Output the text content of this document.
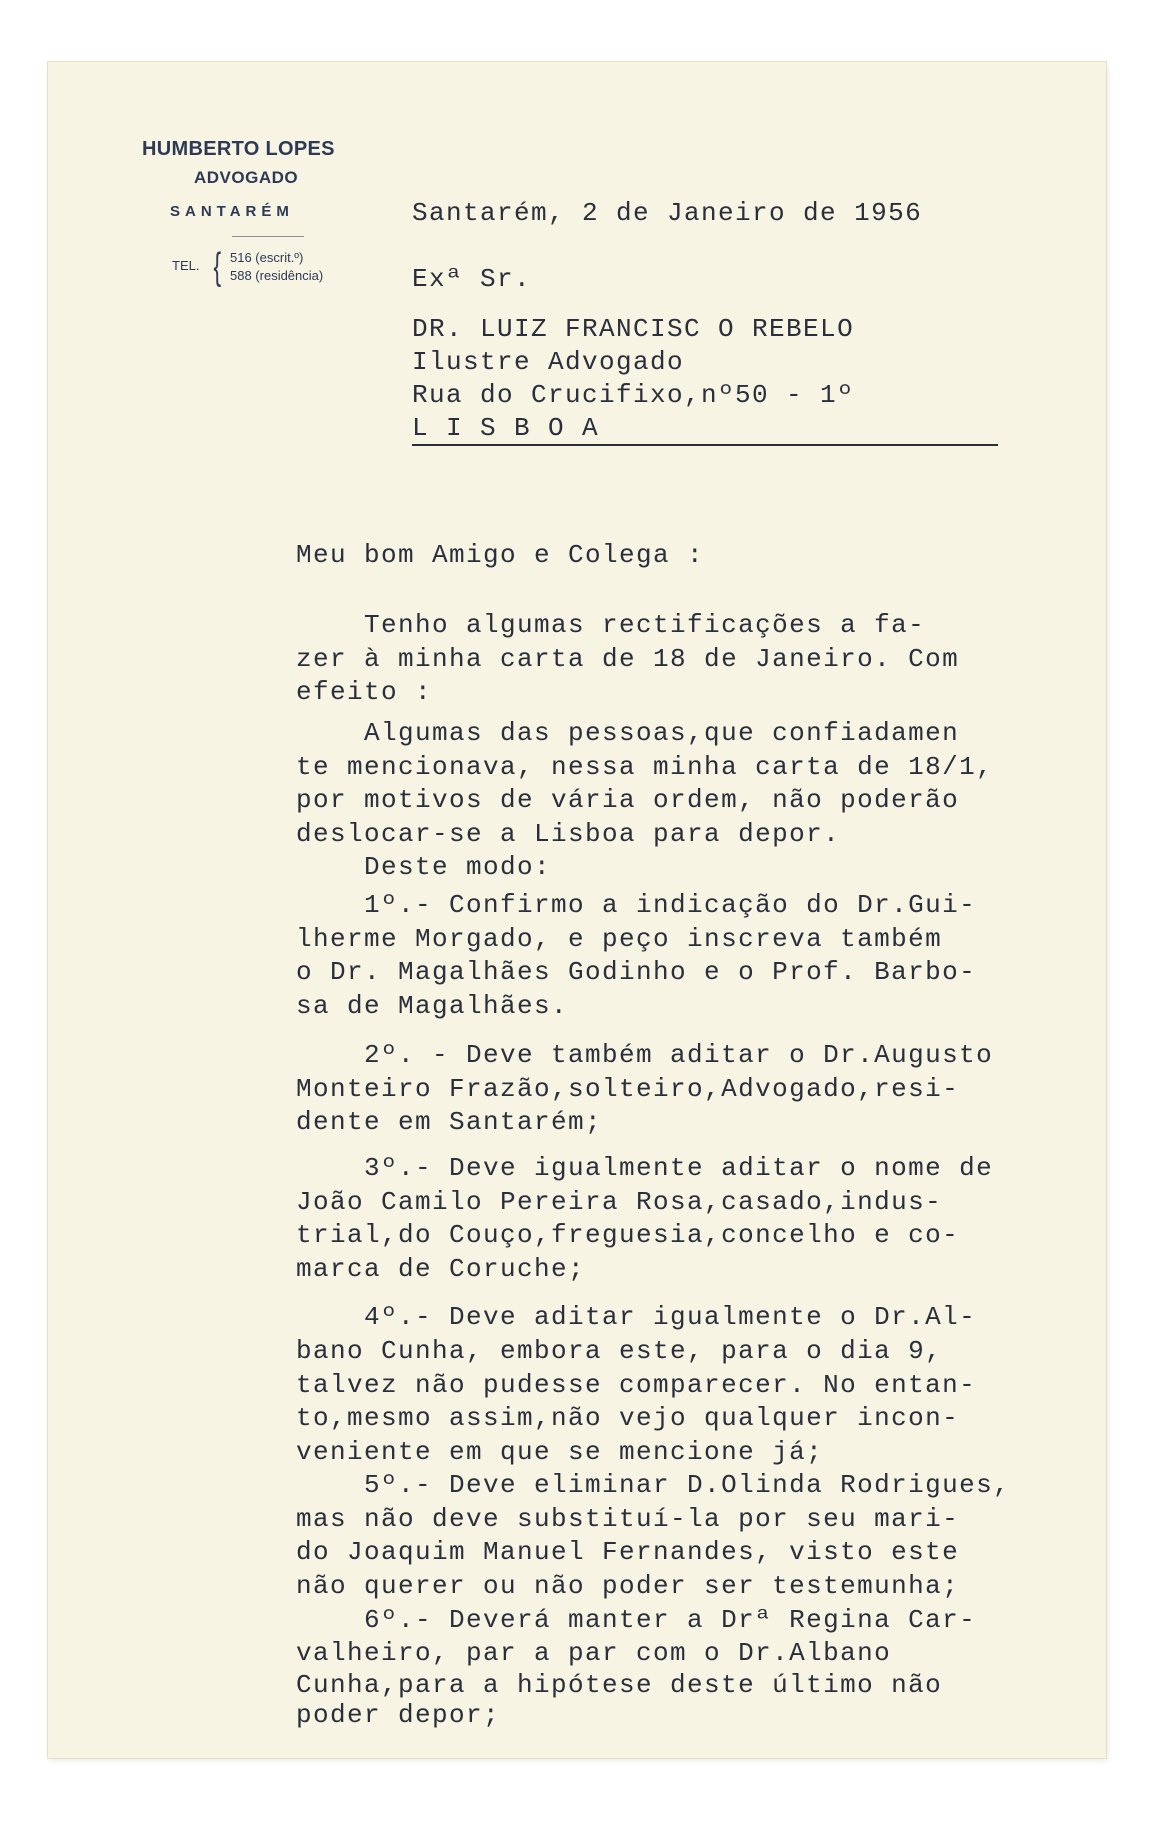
HUMBERTO LOPES
ADVOGADO
SANTARÉM
TEL. { 516 (escrit.º)
588 (residência)
Santarém, 2 de Janeiro de 1956
Exª Sr.
DR. LUIZ FRANCISC O REBELO
Ilustre Advogado
Rua do Crucifixo,nº50 - 1º
L I S B O A
Meu bom Amigo e Colega :
Tenho algumas rectificações a fa-
zer à minha carta de 18 de Janeiro. Com
efeito :
Algumas das pessoas,que confiadamen
te mencionava, nessa minha carta de 18/1,
por motivos de vária ordem, não poderão
deslocar-se a Lisboa para depor.
Deste modo:
1º.- Confirmo a indicação do Dr.Gui-
lherme Morgado, e peço inscreva também
o Dr. Magalhães Godinho e o Prof. Barbo-
sa de Magalhães.
2º. - Deve também aditar o Dr.Augusto
Monteiro Frazão,solteiro,Advogado,resi-
dente em Santarém;
3º.- Deve igualmente aditar o nome de
João Camilo Pereira Rosa,casado,indus-
trial,do Couço,freguesia,concelho e co-
marca de Coruche;
4º.- Deve aditar igualmente o Dr.Al-
bano Cunha, embora este, para o dia 9,
talvez não pudesse comparecer. No entan-
to,mesmo assim,não vejo qualquer incon-
veniente em que se mencione já;
5º.- Deve eliminar D.Olinda Rodrigues,
mas não deve substituí-la por seu mari-
do Joaquim Manuel Fernandes, visto este
não querer ou não poder ser testemunha;
6º.- Deverá manter a Drª Regina Car-
valheiro, par a par com o Dr.Albano
Cunha,para a hipótese deste último não
poder depor;
